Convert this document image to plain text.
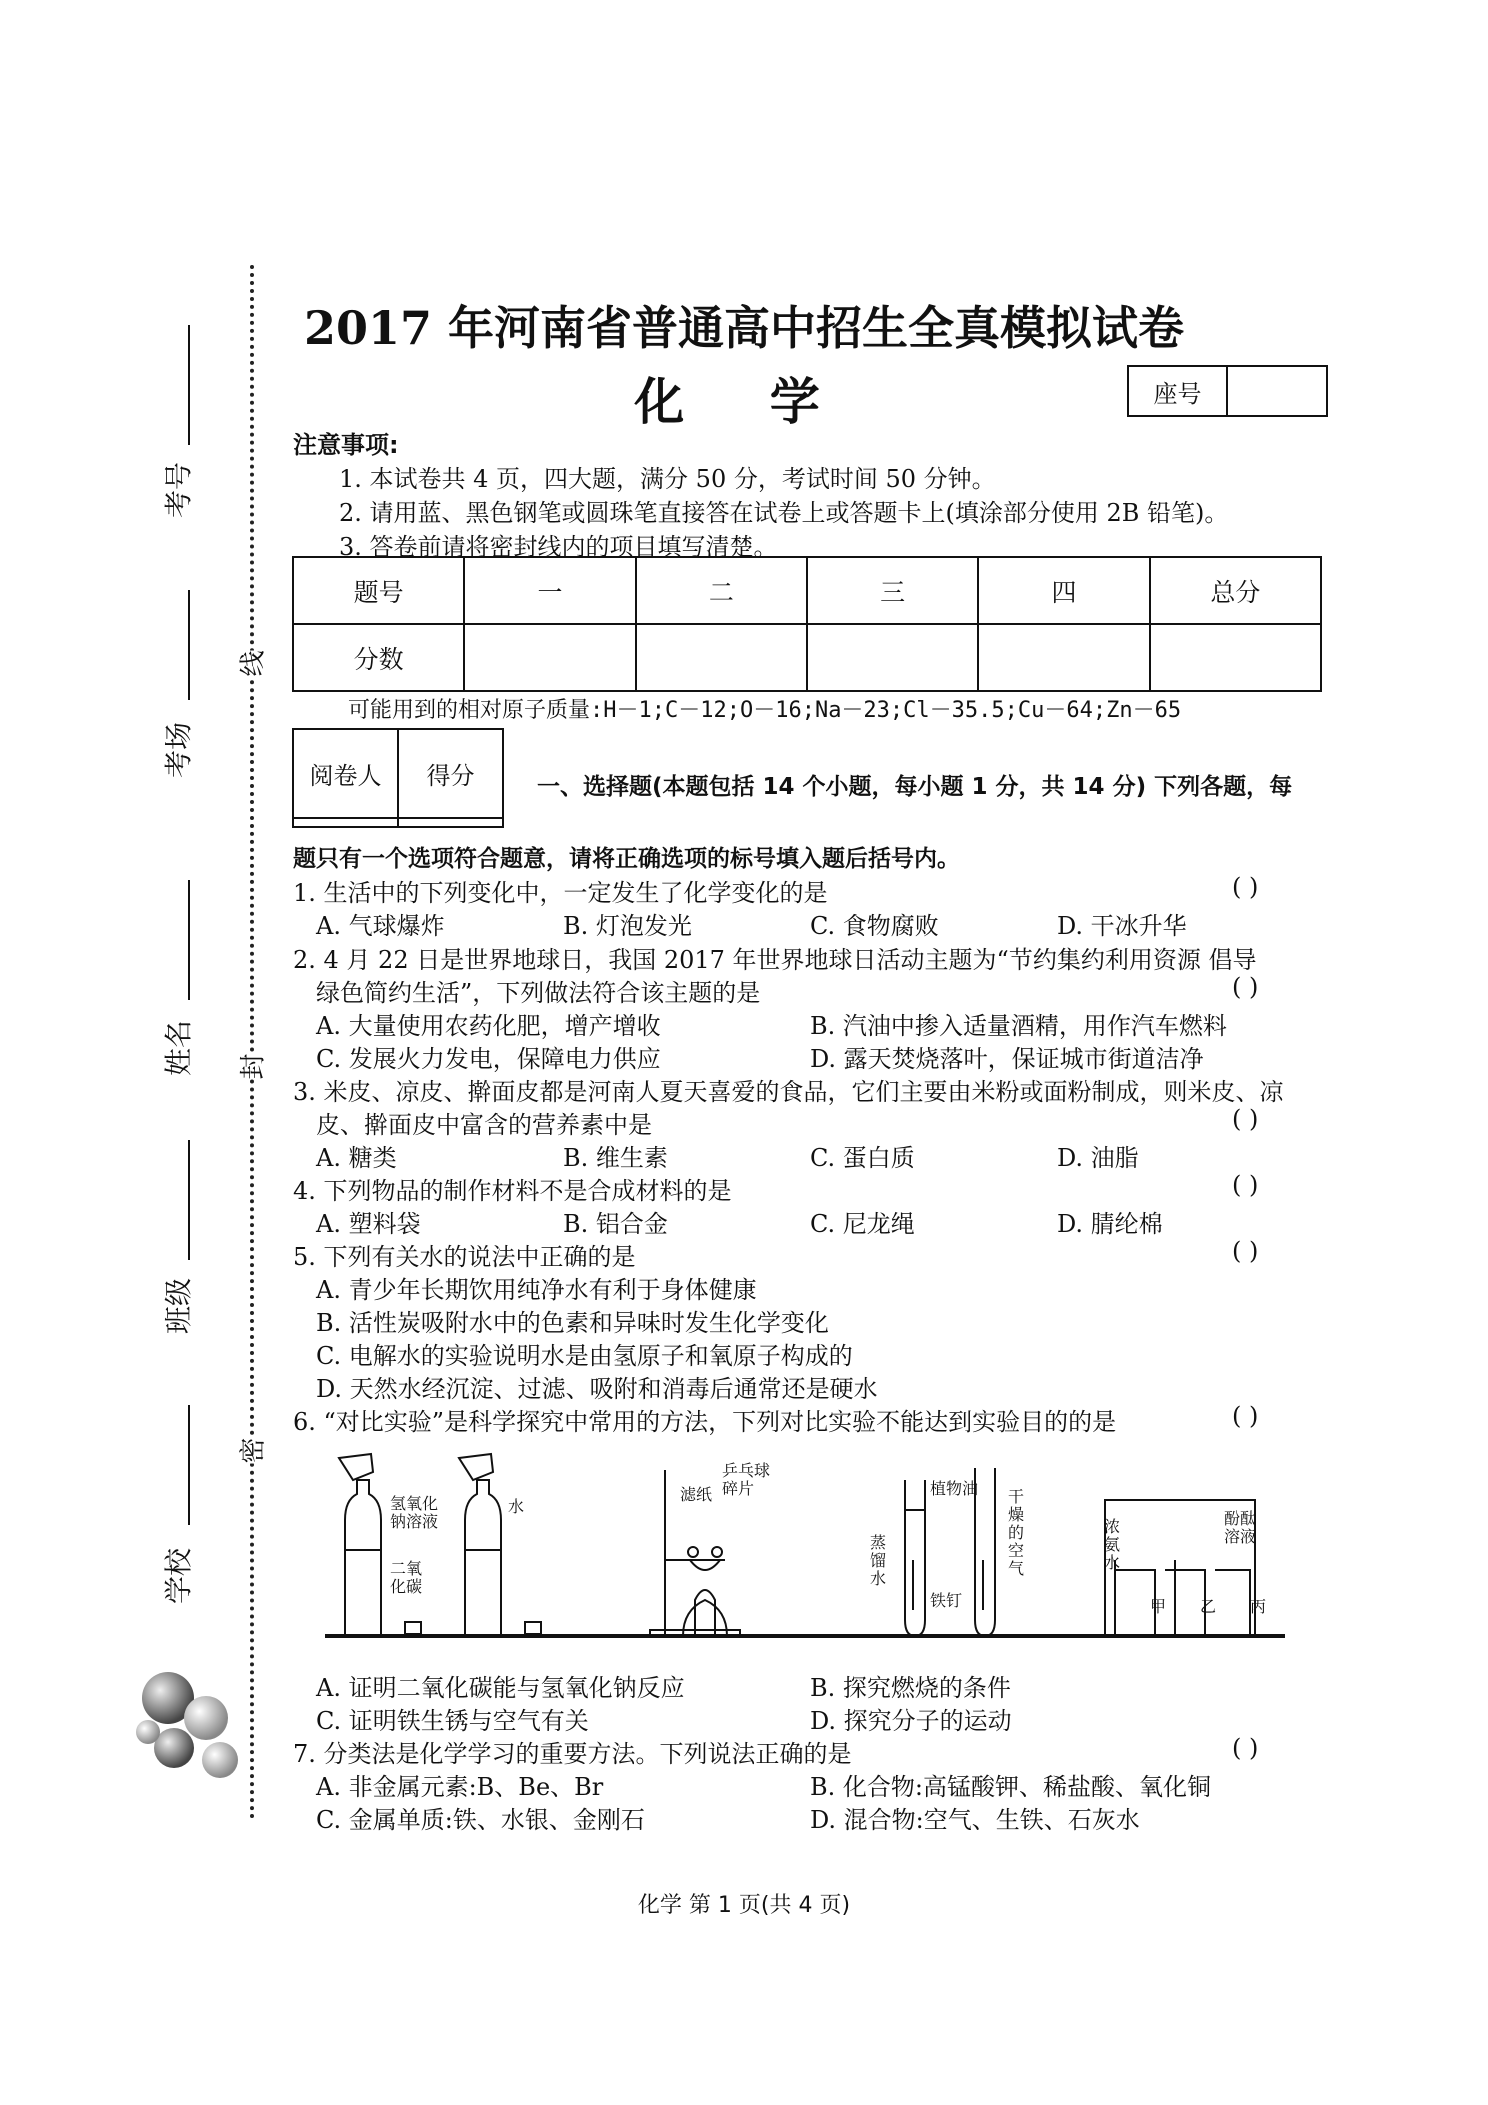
考号
考场
姓名
班级
学校
线
封
密
2017 年河南省普通高中招生全真模拟试卷
化 学	座号
注意事项:
1. 本试卷共 4 页，四大题，满分 50 分，考试时间 50 分钟。
2. 请用蓝、黑色钢笔或圆珠笔直接答在试卷上或答题卡上(填涂部分使用 2B 铅笔)。
3. 答卷前请将密封线内的项目填写清楚。
题号	一	二	三	四	总分
分数					
可能用到的相对原子质量:H－1;C－12;O－16;Na－23;Cl－35.5;Cu－64;Zn－65
阅卷人	得分
		一、选择题(本题包括 14 个小题，每小题 1 分，共 14 分) 下列各题，每
题只有一个选项符合题意，请将正确选项的标号填入题后括号内。
1. 生活中的下列变化中，一定发生了化学变化的是	( )
A. 气球爆炸	B. 灯泡发光	C. 食物腐败	D. 干冰升华
2. 4 月 22 日是世界地球日，我国 2017 年世界地球日活动主题为“节约集约利用资源 倡导
绿色简约生活”，下列做法符合该主题的是	( )
A. 大量使用农药化肥，增产增收	B. 汽油中掺入适量酒精，用作汽车燃料
C. 发展火力发电，保障电力供应	D. 露天焚烧落叶，保证城市街道洁净
3. 米皮、凉皮、擀面皮都是河南人夏天喜爱的食品，它们主要由米粉或面粉制成，则米皮、凉
皮、擀面皮中富含的营养素中是	( )
A. 糖类	B. 维生素	C. 蛋白质	D. 油脂
4. 下列物品的制作材料不是合成材料的是	( )
A. 塑料袋	B. 铝合金	C. 尼龙绳	D. 腈纶棉
5. 下列有关水的说法中正确的是	( )
A. 青少年长期饮用纯净水有利于身体健康
B. 活性炭吸附水中的色素和异味时发生化学变化
C. 电解水的实验说明水是由氢原子和氧原子构成的
D. 天然水经沉淀、过滤、吸附和消毒后通常还是硬水
6. “对比实验”是科学探究中常用的方法，下列对比实验不能达到实验目的的是	( )
氢氧化
钠溶液
水
二氧
化碳
滤纸
乒乓球
碎片	植物油
蒸
馏
水
铁钉
干
燥
的
空
气
浓
氨
水
酚酞
溶液
甲 乙 丙
A. 证明二氧化碳能与氢氧化钠反应	B. 探究燃烧的条件
C. 证明铁生锈与空气有关	D. 探究分子的运动
7. 分类法是化学学习的重要方法。下列说法正确的是	( )
A. 非金属元素:B、Be、Br	B. 化合物:高锰酸钾、稀盐酸、氧化铜
C. 金属单质:铁、水银、金刚石	D. 混合物:空气、生铁、石灰水
化学 第 1 页(共 4 页)
